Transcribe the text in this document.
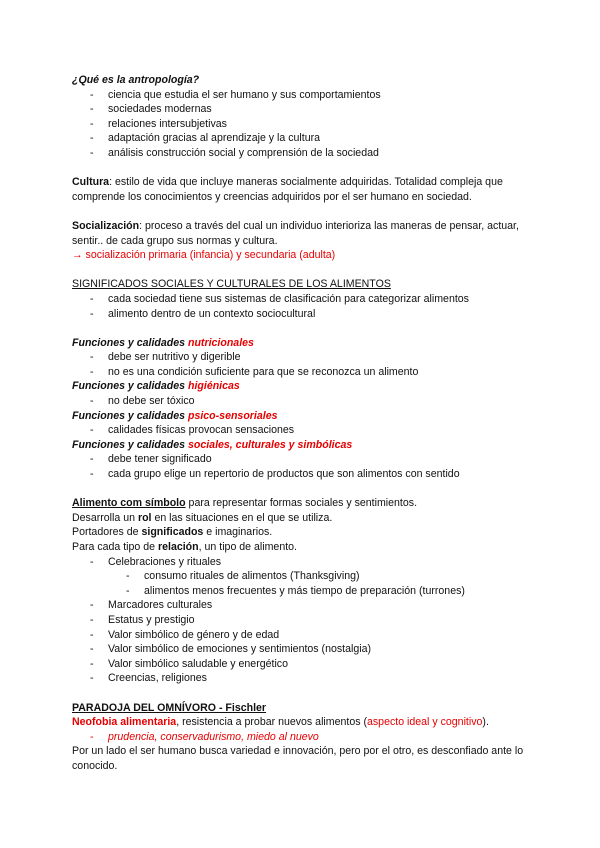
¿Qué es la antropología?

- ciencia que estudia el ser humano y sus comportamientos
- sociedades modernas
- relaciones intersubjetivas
- adaptación gracias al aprendizaje y la cultura
- análisis construcción social y comprensión de la sociedad

Cultura: estilo de vida que incluye maneras socialmente adquiridas. Totalidad compleja que comprende los conocimientos y creencias adquiridos por el ser humano en sociedad.

Socialización: proceso a través del cual un individuo interioriza las maneras de pensar, actuar, sentir.. de cada grupo sus normas y cultura.

→ socialización primaria (infancia) y secundaria (adulta)

SIGNIFICADOS SOCIALES Y CULTURALES DE LOS ALIMENTOS

- cada sociedad tiene sus sistemas de clasificación para categorizar alimentos
- alimento dentro de un contexto sociocultural

Funciones y calidades nutricionales

- debe ser nutritivo y digerible
- no es una condición suficiente para que se reconozca un alimento

Funciones y calidades higiénicas

- no debe ser tóxico

Funciones y calidades psico-sensoriales

- calidades físicas provocan sensaciones

Funciones y calidades sociales, culturales y simbólicas

- debe tener significado
- cada grupo elige un repertorio de productos que son alimentos con sentido

Alimento com símbolo para representar formas sociales y sentimientos.

Desarrolla un rol en las situaciones en el que se utiliza.

Portadores de significados e imaginarios.

Para cada tipo de relación, un tipo de alimento.

- Celebraciones y rituales
- consumo rituales de alimentos (Thanksgiving)
- alimentos menos frecuentes y más tiempo de preparación (turrones)
- Marcadores culturales
- Estatus y prestigio
- Valor simbólico de género y de edad
- Valor simbólico de emociones y sentimientos (nostalgia)
- Valor simbólico saludable y energético
- Creencias, religiones

PARADOJA DEL OMNÍVORO - Fischler

Neofobia alimentaria, resistencia a probar nuevos alimentos (aspecto ideal y cognitivo).

- prudencia, conservadurismo, miedo al nuevo

Por un lado el ser humano busca variedad e innovación, pero por el otro, es desconfiado ante lo conocido.
